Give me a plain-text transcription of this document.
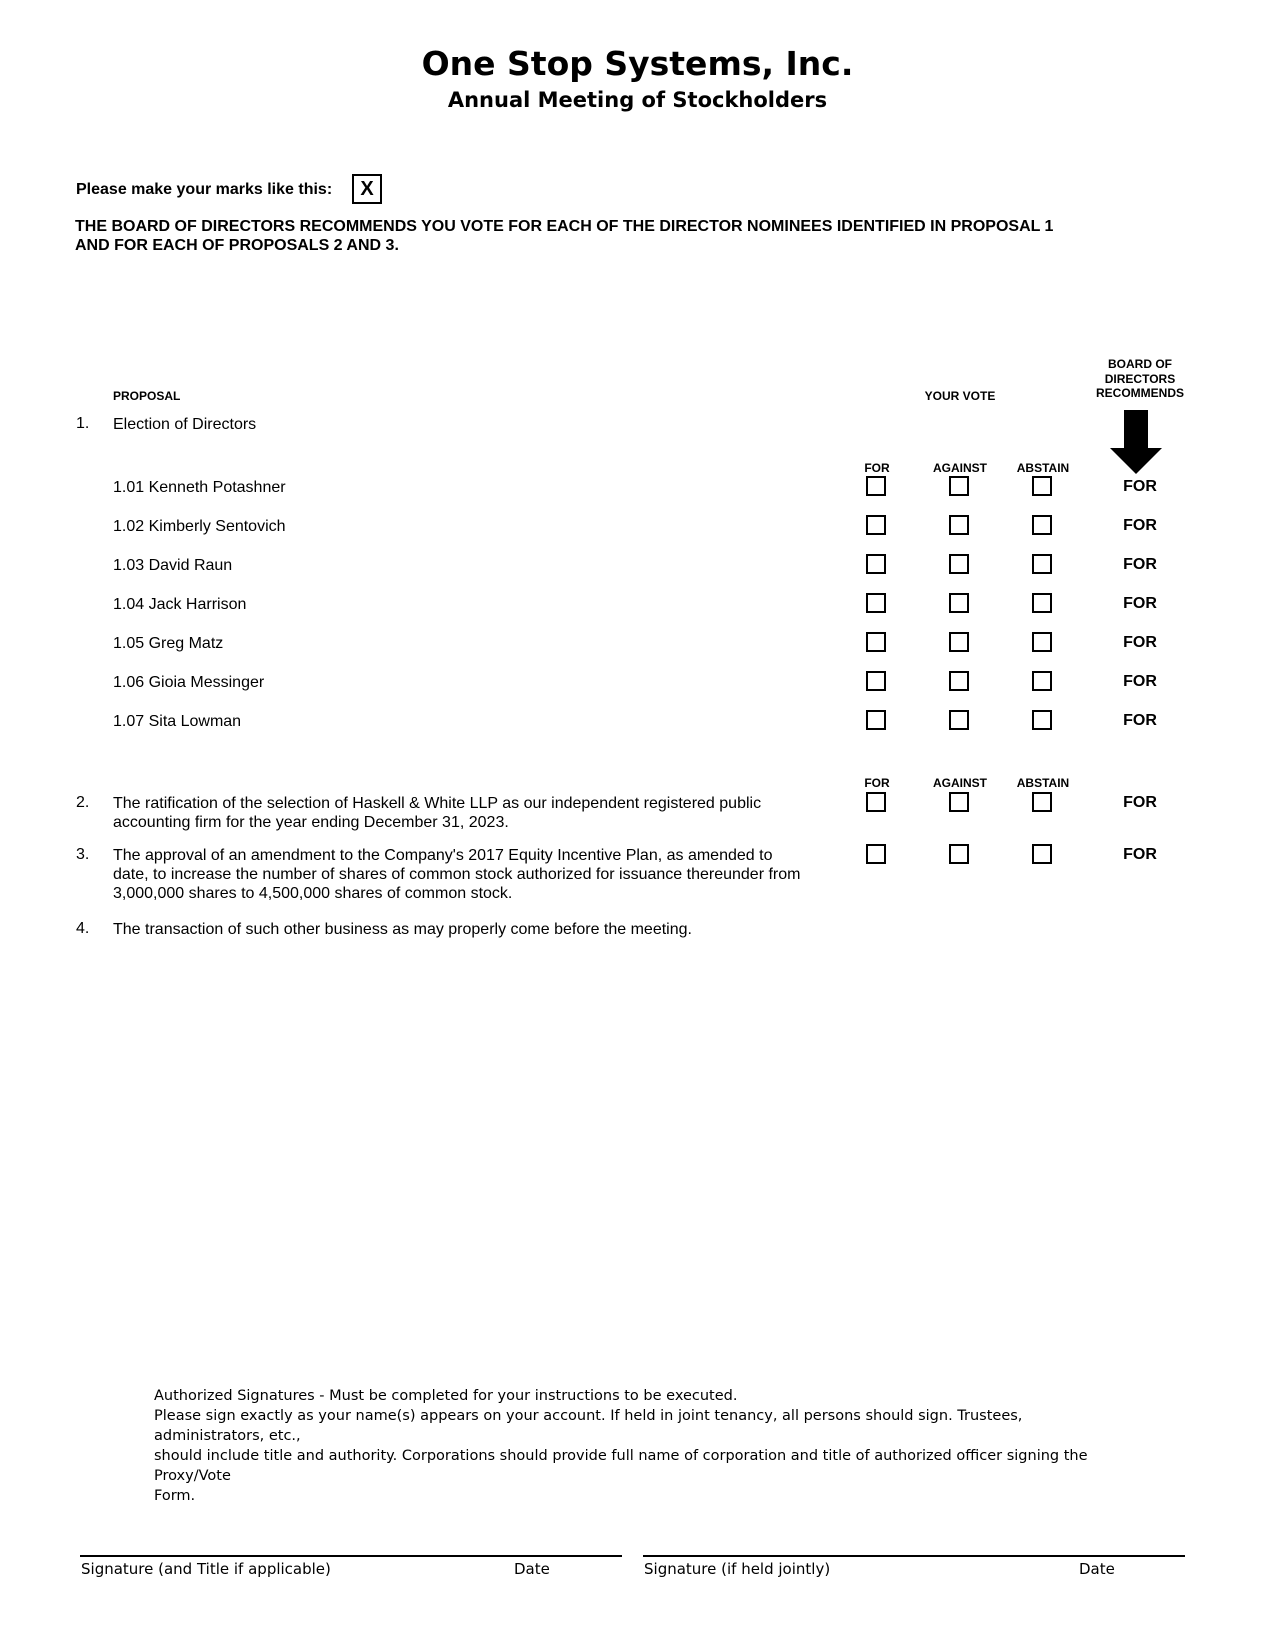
One Stop Systems, Inc.
Annual Meeting of Stockholders
Please make your marks like this:	X
THE BOARD OF DIRECTORS RECOMMENDS YOU VOTE FOR EACH OF THE DIRECTOR NOMINEES IDENTIFIED IN PROPOSAL 1
AND FOR EACH OF PROPOSALS 2 AND 3.
PROPOSAL	YOUR VOTE
BOARD OF
DIRECTORS
RECOMMENDS
1. Election of Directors
FOR	AGAINST	ABSTAIN
1.01 Kenneth Potashner	FOR
1.02 Kimberly Sentovich	FOR
1.03 David Raun	FOR
1.04 Jack Harrison	FOR
1.05 Greg Matz	FOR
1.06 Gioia Messinger	FOR
1.07 Sita Lowman	FOR
FOR	AGAINST	ABSTAIN
2. The ratification of the selection of Haskell & White LLP as our independent registered public
accounting firm for the year ending December 31, 2023.
FOR
3. The approval of an amendment to the Company's 2017 Equity Incentive Plan, as amended to
date, to increase the number of shares of common stock authorized for issuance thereunder from
3,000,000 shares to 4,500,000 shares of common stock.
FOR
4. The transaction of such other business as may properly come before the meeting.
Authorized Signatures - Must be completed for your instructions to be executed.
Please sign exactly as your name(s) appears on your account. If held in joint tenancy, all persons should sign. Trustees, administrators, etc.,
should include title and authority. Corporations should provide full name of corporation and title of authorized officer signing the Proxy/Vote
Form.
Signature (and Title if applicable)	Date	Signature (if held jointly)	Date
